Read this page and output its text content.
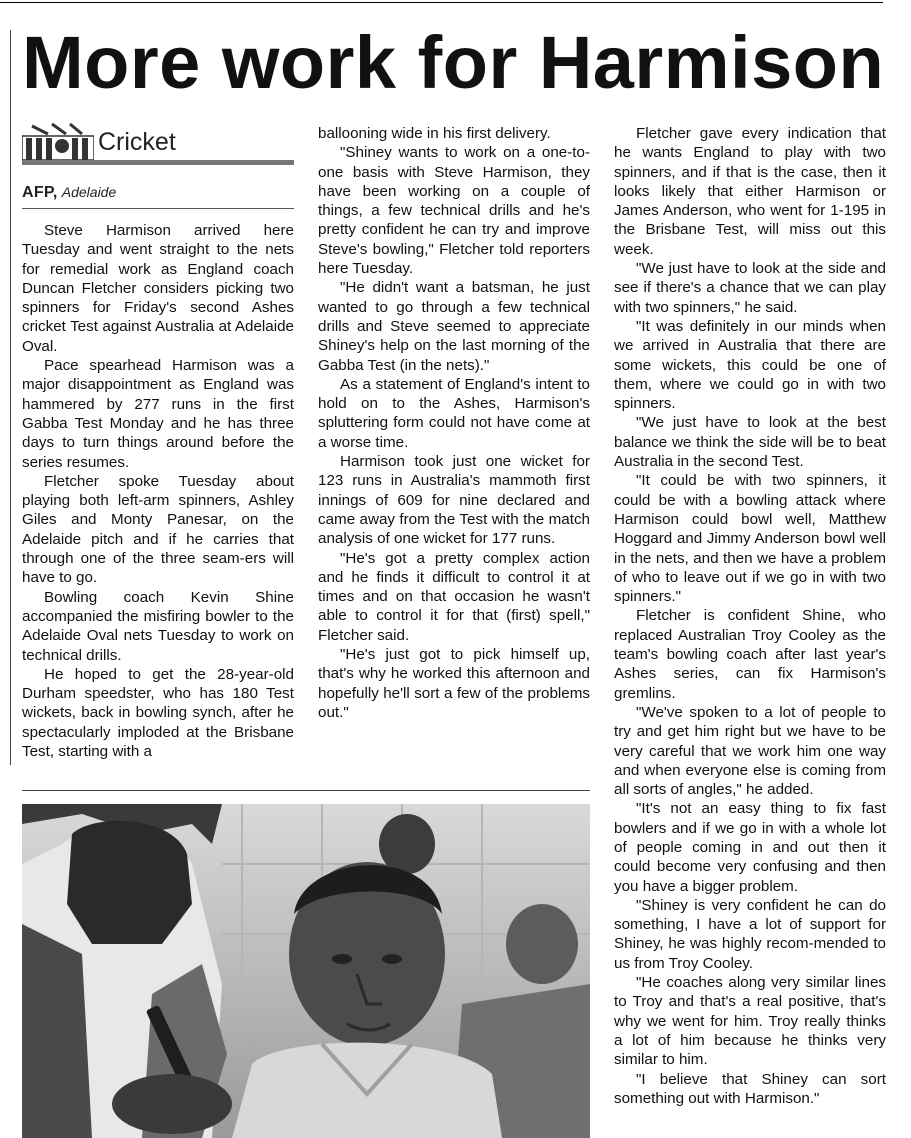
More work for Harmison
Cricket
AFP, Adelaide

Steve Harmison arrived here Tuesday and went straight to the nets for remedial work as England coach Duncan Fletcher considers picking two spinners for Friday's second Ashes cricket Test against Australia at Adelaide Oval.

Pace spearhead Harmison was a major disappointment as England was hammered by 277 runs in the first Gabba Test Monday and he has three days to turn things around before the series resumes.

Fletcher spoke Tuesday about playing both left-arm spinners, Ashley Giles and Monty Panesar, on the Adelaide pitch and if he carries that through one of the three seam-ers will have to go.

Bowling coach Kevin Shine accompanied the misfiring bowler to the Adelaide Oval nets Tuesday to work on technical drills.

He hoped to get the 28-year-old Durham speedster, who has 180 Test wickets, back in bowling synch, after he spectacularly imploded at the Brisbane Test, starting with a

ballooning wide in his first delivery.

"Shiney wants to work on a one-to-one basis with Steve Harmison, they have been working on a couple of things, a few technical drills and he's pretty confident he can try and improve Steve's bowling," Fletcher told reporters here Tuesday.

"He didn't want a batsman, he just wanted to go through a few technical drills and Steve seemed to appreciate Shiney's help on the last morning of the Gabba Test (in the nets)."

As a statement of England's intent to hold on to the Ashes, Harmison's spluttering form could not have come at a worse time.

Harmison took just one wicket for 123 runs in Australia's mammoth first innings of 609 for nine declared and came away from the Test with the match analysis of one wicket for 177 runs.

"He's got a pretty complex action and he finds it difficult to control it at times and on that occasion he wasn't able to control it for that (first) spell," Fletcher said.

"He's just got to pick himself up, that's why he worked this afternoon and hopefully he'll sort a few of the problems out."

Fletcher gave every indication that he wants England to play with two spinners, and if that is the case, then it looks likely that either Harmison or James Anderson, who went for 1-195 in the Brisbane Test, will miss out this week.

"We just have to look at the side and see if there's a chance that we can play with two spinners," he said.

"It was definitely in our minds when we arrived in Australia that there are some wickets, this could be one of them, where we could go in with two spinners.

"We just have to look at the best balance we think the side will be to beat Australia in the second Test.

"It could be with two spinners, it could be with a bowling attack where Harmison could bowl well, Matthew Hoggard and Jimmy Anderson bowl well in the nets, and then we have a problem of who to leave out if we go in with two spinners."

Fletcher is confident Shine, who replaced Australian Troy Cooley as the team's bowling coach after last year's Ashes series, can fix Harmison's gremlins.

"We've spoken to a lot of people to try and get him right but we have to be very careful that we work him one way and when everyone else is coming from all sorts of angles," he added.

"It's not an easy thing to fix fast bowlers and if we go in with a whole lot of people coming in and out then it could become very confusing and then you have a bigger problem.

"Shiney is very confident he can do something, I have a lot of support for Shiney, he was highly recom-mended to us from Troy Cooley.

"He coaches along very similar lines to Troy and that's a real positive, that's why we went for him. Troy really thinks a lot of him because he thinks very similar to him.

"I believe that Shiney can sort something out with Harmison."
